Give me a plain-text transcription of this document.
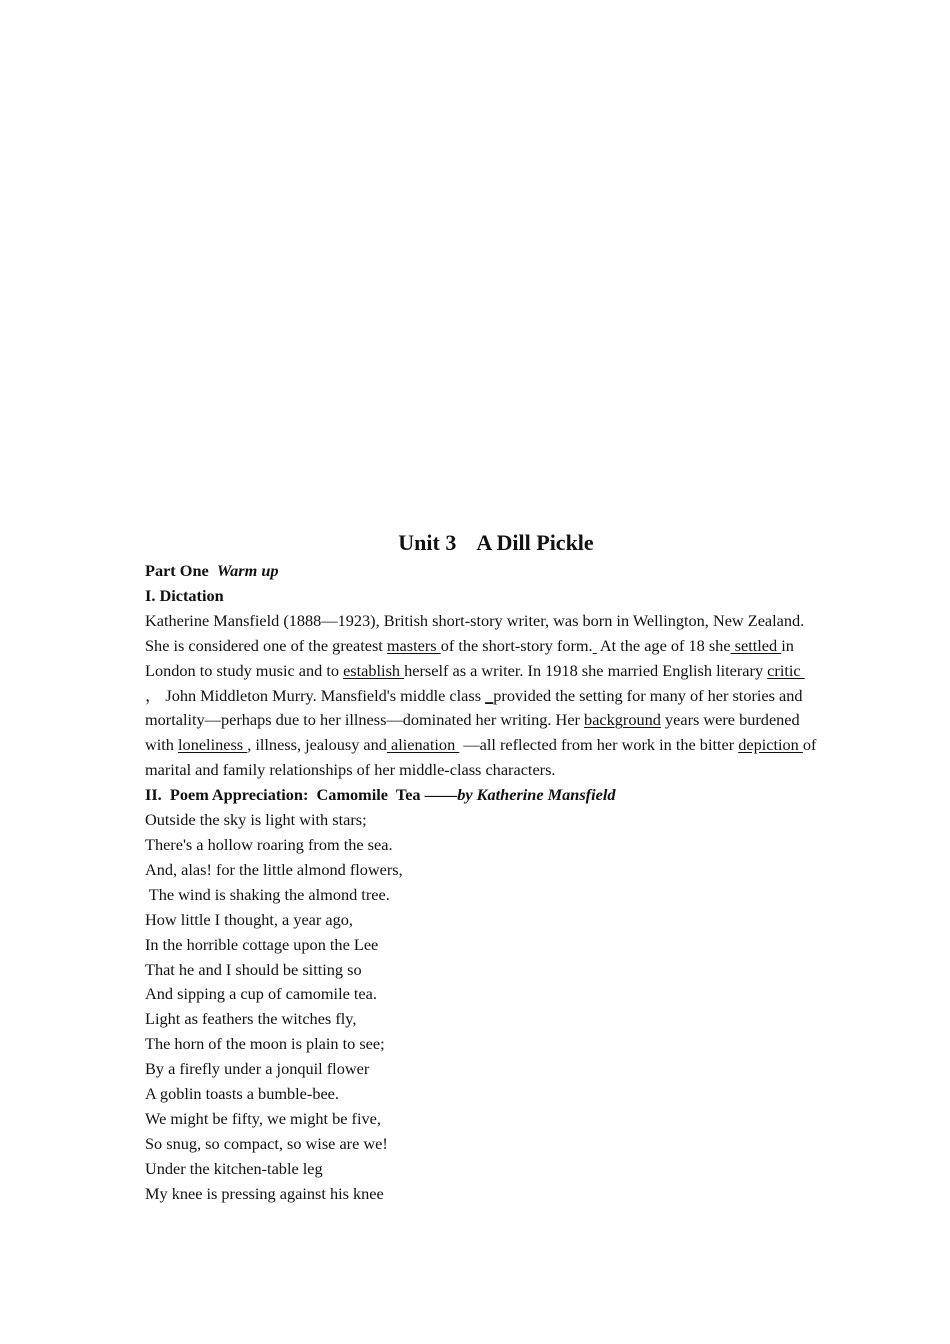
Unit 3 A Dill Pickle

Part One Warm up

I. Dictation

Katherine Mansfield (1888—1923), British short-story writer, was born in Wellington, New Zealand.

She is considered one of the greatest masters of the short-story form.  At the age of 18 she settled in

London to study music and to establish herself as a writer. In 1918 she married English literary critic

， John Middleton Murry. Mansfield's middle class _provided the setting for many of her stories and

mortality—perhaps due to her illness—dominated her writing. Her background years were burdened

with loneliness , illness, jealousy and alienation  —all reflected from her work in the bitter depiction of

marital and family relationships of her middle-class characters.

II.  Poem Appreciation:  Camomile  Tea ——by Katherine Mansfield

Outside the sky is light with stars;

There's a hollow roaring from the sea.

And, alas! for the little almond flowers,

The wind is shaking the almond tree.

How little I thought, a year ago,

In the horrible cottage upon the Lee

That he and I should be sitting so

And sipping a cup of camomile tea.

Light as feathers the witches fly,

The horn of the moon is plain to see;

By a firefly under a jonquil flower

A goblin toasts a bumble-bee.

We might be fifty, we might be five,

So snug, so compact, so wise are we!

Under the kitchen-table leg

My knee is pressing against his knee
